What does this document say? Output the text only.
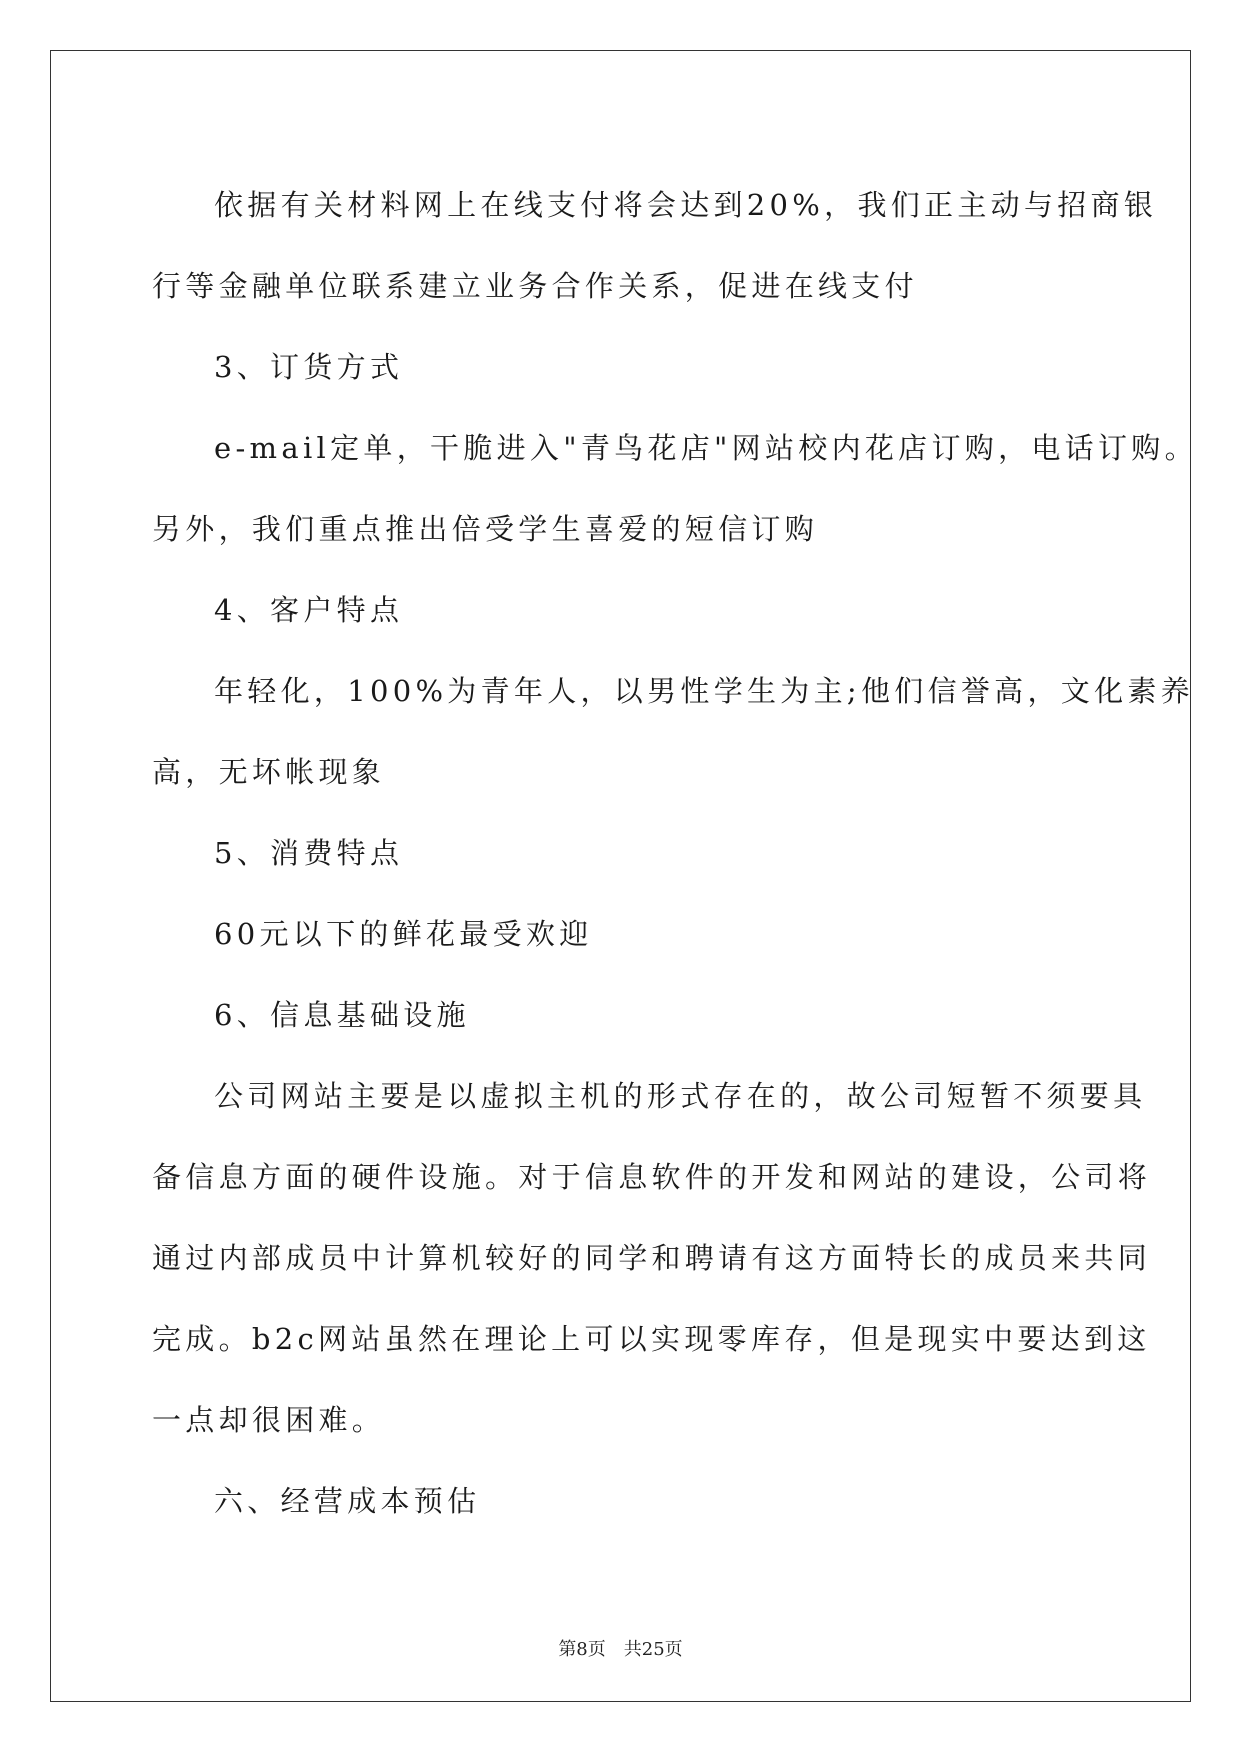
依据有关材料网上在线支付将会达到20%，我们正主动与招商银

行等金融单位联系建立业务合作关系，促进在线支付

3、订货方式

e-mail定单，干脆进入"青鸟花店"网站校内花店订购，电话订购。

另外，我们重点推出倍受学生喜爱的短信订购

4、客户特点

年轻化，100%为青年人，以男性学生为主;他们信誉高，文化素养

高，无坏帐现象

5、消费特点

60元以下的鲜花最受欢迎

6、信息基础设施

公司网站主要是以虚拟主机的形式存在的，故公司短暂不须要具

备信息方面的硬件设施。对于信息软件的开发和网站的建设，公司将

通过内部成员中计算机较好的同学和聘请有这方面特长的成员来共同

完成。b2c网站虽然在理论上可以实现零库存，但是现实中要达到这

一点却很困难。

六、经营成本预估

第8页 共25页
